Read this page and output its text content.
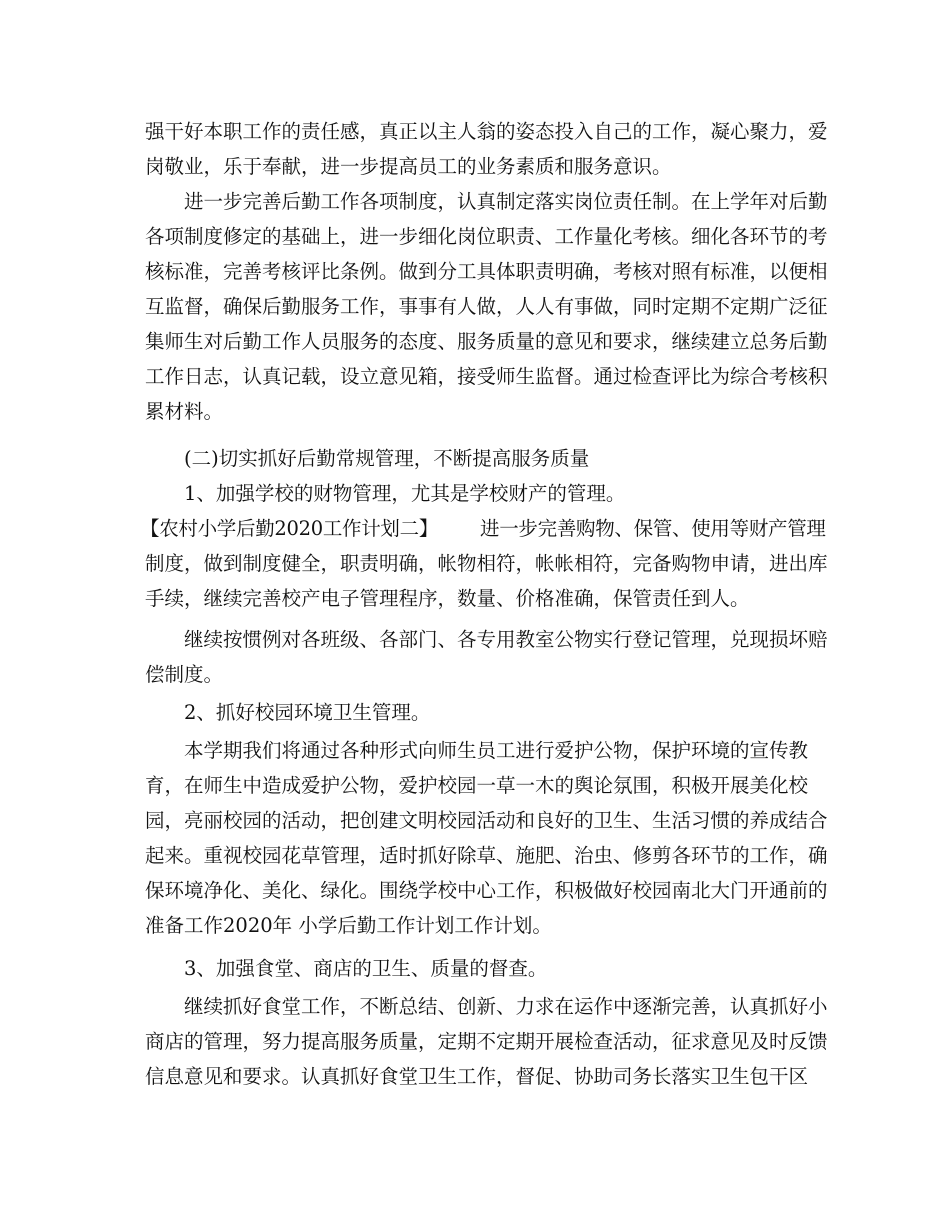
强干好本职工作的责任感，真正以主人翁的姿态投入自己的工作，凝心聚力，爱
岗敬业，乐于奉献，进一步提高员工的业务素质和服务意识。
进一步完善后勤工作各项制度，认真制定落实岗位责任制。在上学年对后勤
各项制度修定的基础上，进一步细化岗位职责、工作量化考核。细化各环节的考
核标准，完善考核评比条例。做到分工具体职责明确，考核对照有标准，以便相
互监督，确保后勤服务工作，事事有人做，人人有事做，同时定期不定期广泛征
集师生对后勤工作人员服务的态度、服务质量的意见和要求，继续建立总务后勤
工作日志，认真记载，设立意见箱，接受师生监督。通过检查评比为综合考核积
累材料。
(二)切实抓好后勤常规管理，不断提高服务质量
1、加强学校的财物管理，尤其是学校财产的管理。
【农村小学后勤2020工作计划二】 进一步完善购物、保管、使用等财产管理
制度，做到制度健全，职责明确，帐物相符，帐帐相符，完备购物申请，进出库
手续，继续完善校产电子管理程序，数量、价格准确，保管责任到人。
继续按惯例对各班级、各部门、各专用教室公物实行登记管理，兑现损坏赔
偿制度。
2、抓好校园环境卫生管理。
本学期我们将通过各种形式向师生员工进行爱护公物，保护环境的宣传教
育，在师生中造成爱护公物，爱护校园一草一木的舆论氛围，积极开展美化校
园，亮丽校园的活动，把创建文明校园活动和良好的卫生、生活习惯的养成结合
起来。重视校园花草管理，适时抓好除草、施肥、治虫、修剪各环节的工作，确
保环境净化、美化、绿化。围绕学校中心工作，积极做好校园南北大门开通前的
准备工作2020年 小学后勤工作计划工作计划。
3、加强食堂、商店的卫生、质量的督查。
继续抓好食堂工作，不断总结、创新、力求在运作中逐渐完善，认真抓好小
商店的管理，努力提高服务质量，定期不定期开展检查活动，征求意见及时反馈
信息意见和要求。认真抓好食堂卫生工作，督促、协助司务长落实卫生包干区
